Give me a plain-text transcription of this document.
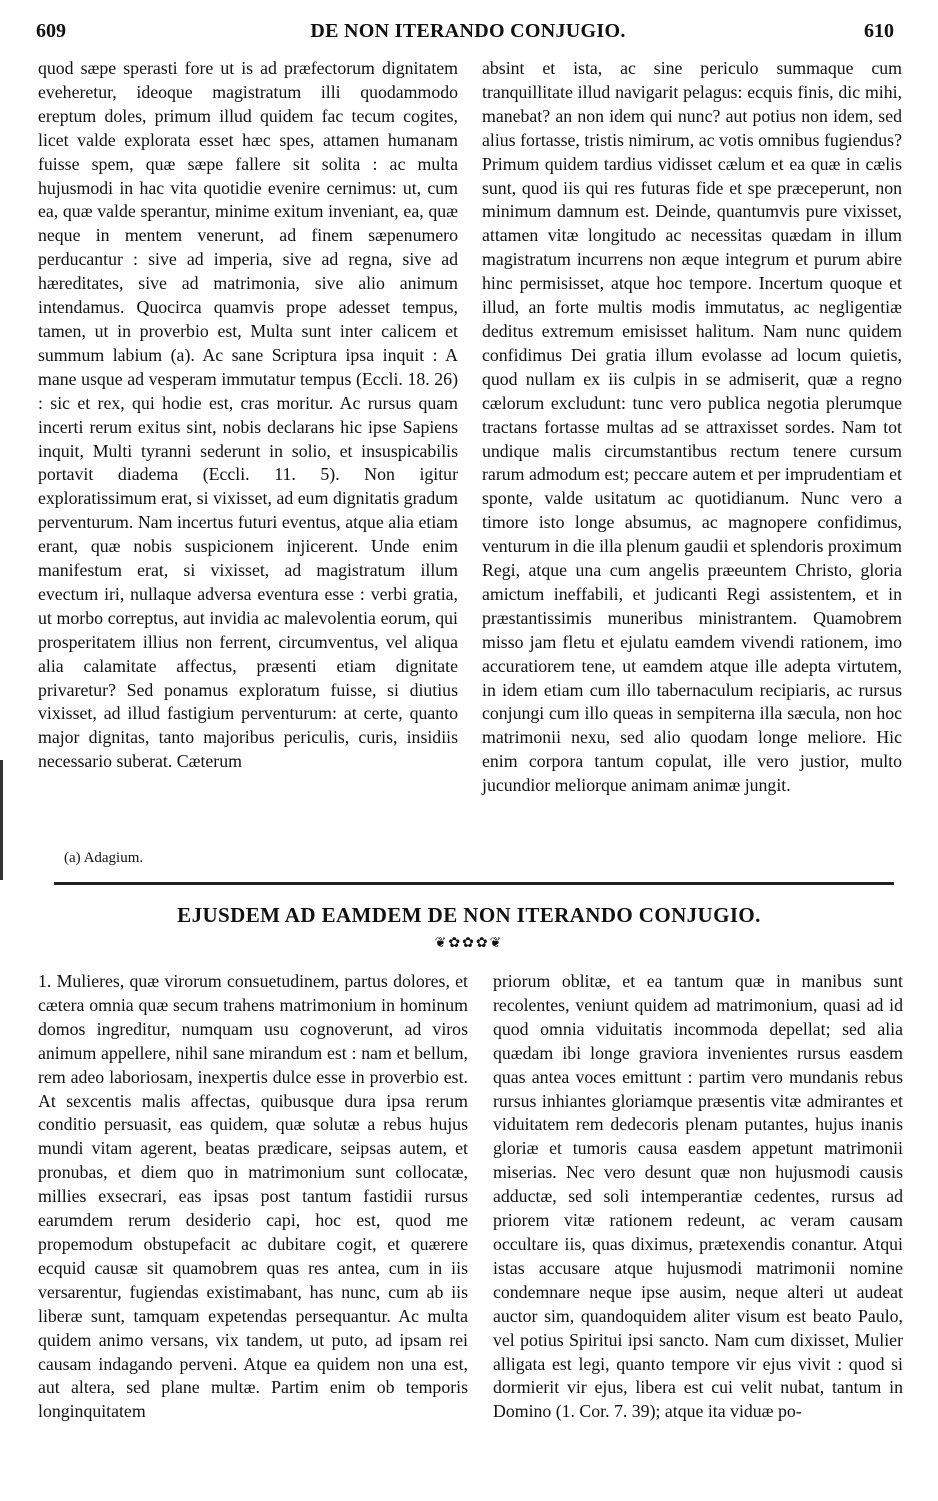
609	DE NON ITERANDO CONJUGIO.	610

quod sæpe sperasti fore ut is ad præfectorum dignitatem eveheretur, ideoque magistratum illi quodammodo ereptum doles, primum illud quidem fac tecum cogites, licet valde explorata esset hæc spes, attamen humanam fuisse spem, quæ sæpe fallere sit solita : ac multa hujusmodi in hac vita quotidie evenire cernimus: ut, cum ea, quæ valde sperantur, minime exitum inveniant, ea, quæ neque in mentem venerunt, ad finem sæpenumero perducantur : sive ad imperia, sive ad regna, sive ad hæreditates, sive ad matrimonia, sive alio animum intendamus. Quocirca quamvis prope adesset tempus, tamen, ut in proverbio est, Multa sunt inter calicem et summum labium (a). Ac sane Scriptura ipsa inquit : A mane usque ad vesperam immutatur tempus (Eccli. 18. 26) : sic et rex, qui hodie est, cras moritur. Ac rursus quam incerti rerum exitus sint, nobis declarans hic ipse Sapiens inquit, Multi tyranni sederunt in solio, et insuspicabilis portavit diadema (Eccli. 11. 5). Non igitur exploratissimum erat, si vixisset, ad eum dignitatis gradum perventurum. Nam incertus futuri eventus, atque alia etiam erant, quæ nobis suspicionem injicerent. Unde enim manifestum erat, si vixisset, ad magistratum illum evectum iri, nullaque adversa eventura esse : verbi gratia, ut morbo correptus, aut invidia ac malevolentia eorum, qui prosperitatem illius non ferrent, circumventus, vel aliqua alia calamitate affectus, præsenti etiam dignitate privaretur? Sed ponamus exploratum fuisse, si diutius vixisset, ad illud fastigium perventurum: at certe, quanto major dignitas, tanto majoribus periculis, curis, insidiis necessario suberat. Cæterum

absint et ista, ac sine periculo summaque cum tranquillitate illud navigarit pelagus: ecquis finis, dic mihi, manebat? an non idem qui nunc? aut potius non idem, sed alius fortasse, tristis nimirum, ac votis omnibus fugiendus? Primum quidem tardius vidisset cælum et ea quæ in cælis sunt, quod iis qui res futuras fide et spe præceperunt, non minimum damnum est. Deinde, quantumvis pure vixisset, attamen vitæ longitudo ac necessitas quædam in illum magistratum incurrens non æque integrum et purum abire hinc permisisset, atque hoc tempore. Incertum quoque et illud, an forte multis modis immutatus, ac negligentiæ deditus extremum emisisset halitum. Nam nunc quidem confidimus Dei gratia illum evolasse ad locum quietis, quod nullam ex iis culpis in se admiserit, quæ a regno cælorum excludunt: tunc vero publica negotia plerumque tractans fortasse multas ad se attraxisset sordes. Nam tot undique malis circumstantibus rectum tenere cursum rarum admodum est; peccare autem et per imprudentiam et sponte, valde usitatum ac quotidianum. Nunc vero a timore isto longe absumus, ac magnopere confidimus, venturum in die illa plenum gaudii et splendoris proximum Regi, atque una cum angelis præeuntem Christo, gloria amictum ineffabili, et judicanti Regi assistentem, et in præstantissimis muneribus ministrantem. Quamobrem misso jam fletu et ejulatu eamdem vivendi rationem, imo accuratiorem tene, ut eamdem atque ille adepta virtutem, in idem etiam cum illo tabernaculum recipiaris, ac rursus conjungi cum illo queas in sempiterna illa sæcula, non hoc matrimonii nexu, sed alio quodam longe meliore. Hic enim corpora tantum copulat, ille vero justior, multo jucundior meliorque animam animæ jungit.

(a) Adagium.
EJUSDEM AD EAMDEM DE NON ITERANDO CONJUGIO.
❦✿✿✿❦

1. Mulieres, quæ virorum consuetudinem, partus dolores, et cætera omnia quæ secum trahens matrimonium in hominum domos ingreditur, numquam usu cognoverunt, ad viros animum appellere, nihil sane mirandum est : nam et bellum, rem adeo laboriosam, inexpertis dulce esse in proverbio est. At sexcentis malis affectas, quibusque dura ipsa rerum conditio persuasit, eas quidem, quæ solutæ a rebus hujus mundi vitam agerent, beatas prædicare, seipsas autem, et pronubas, et diem quo in matrimonium sunt collocatæ, millies exsecrari, eas ipsas post tantum fastidii rursus earumdem rerum desiderio capi, hoc est, quod me propemodum obstupefacit ac dubitare cogit, et quærere ecquid causæ sit quamobrem quas res antea, cum in iis versarentur, fugiendas existimabant, has nunc, cum ab iis liberæ sunt, tamquam expetendas persequantur. Ac multa quidem animo versans, vix tandem, ut puto, ad ipsam rei causam indagando perveni. Atque ea quidem non una est, aut altera, sed plane multæ. Partim enim ob temporis longinquitatem

priorum oblitæ, et ea tantum quæ in manibus sunt recolentes, veniunt quidem ad matrimonium, quasi ad id quod omnia viduitatis incommoda depellat; sed alia quædam ibi longe graviora invenientes rursus easdem quas antea voces emittunt : partim vero mundanis rebus rursus inhiantes gloriamque præsentis vitæ admirantes et viduitatem rem dedecoris plenam putantes, hujus inanis gloriæ et tumoris causa easdem appetunt matrimonii miserias. Nec vero desunt quæ non hujusmodi causis adductæ, sed soli intemperantiæ cedentes, rursus ad priorem vitæ rationem redeunt, ac veram causam occultare iis, quas diximus, prætexendis conantur. Atqui istas accusare atque hujusmodi matrimonii nomine condemnare neque ipse ausim, neque alteri ut audeat auctor sim, quandoquidem aliter visum est beato Paulo, vel potius Spiritui ipsi sancto. Nam cum dixisset, Mulier alligata est legi, quanto tempore vir ejus vivit : quod si dormierit vir ejus, libera est cui velit nubat, tantum in Domino (1. Cor. 7. 39); atque ita viduæ po-
